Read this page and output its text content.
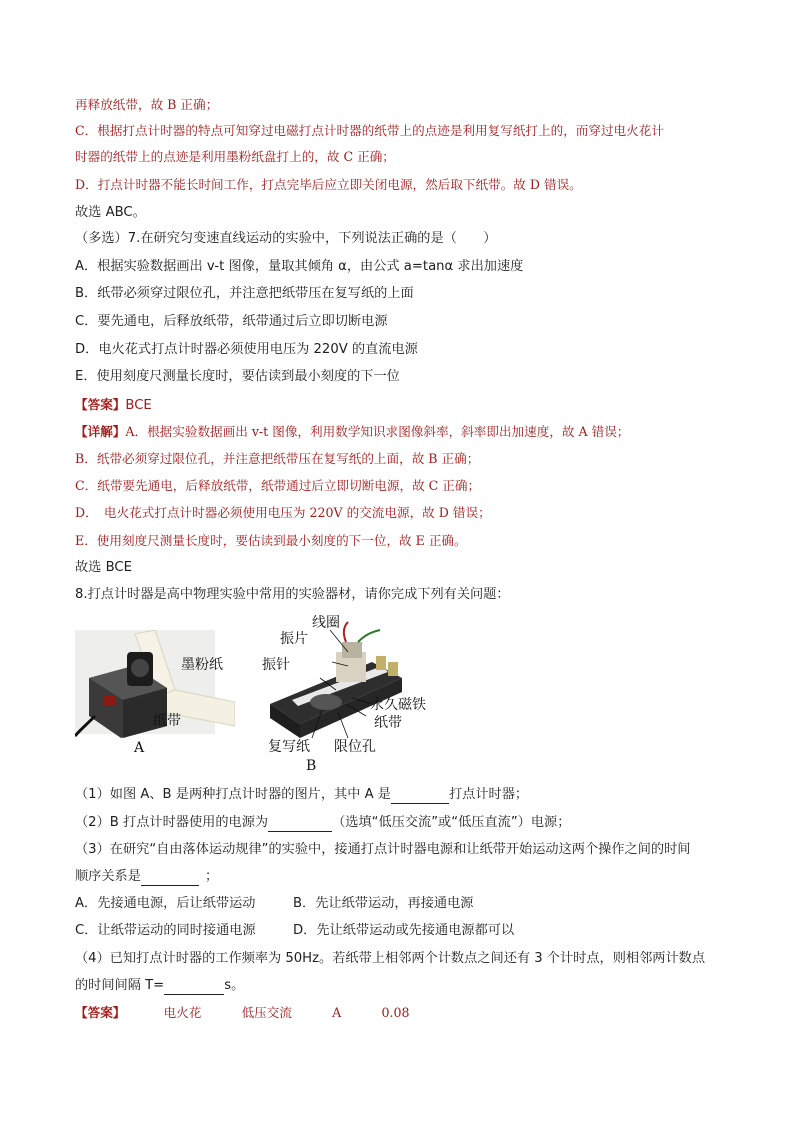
再释放纸带，故 B 正确；
C．根据打点计时器的特点可知穿过电磁打点计时器的纸带上的点迹是利用复写纸打上的，而穿过电火花计
时器的纸带上的点迹是利用墨粉纸盘打上的，故 C 正确；
D．打点计时器不能长时间工作，打点完毕后应立即关闭电源，然后取下纸带。故 D 错误。
故选 ABC。
（多选）7.在研究匀变速直线运动的实验中，下列说法正确的是（　　）
A．根据实验数据画出 v-t 图像，量取其倾角 α，由公式 a=tanα 求出加速度
B．纸带必须穿过限位孔，并注意把纸带压在复写纸的上面
C．要先通电，后释放纸带，纸带通过后立即切断电源
D．电火花式打点计时器必须使用电压为 220V 的直流电源
E．使用刻度尺测量长度时，要估读到最小刻度的下一位
【答案】BCE
【详解】A．根据实验数据画出 v-t 图像，利用数学知识求图像斜率，斜率即出加速度，故 A 错误；
B．纸带必须穿过限位孔，并注意把纸带压在复写纸的上面，故 B 正确；
C．纸带要先通电，后释放纸带，纸带通过后立即切断电源，故 C 正确；
D．　电火花式打点计时器必须使用电压为 220V 的交流电源，故 D 错误；
E．使用刻度尺测量长度时，要估读到最小刻度的下一位，故 E 正确。
故选 BCE
8.打点计时器是高中物理实验中常用的实验器材，请你完成下列有关问题：
墨粉纸
纸带
A
线圈
振片
振针
永久磁铁
纸带
复写纸 限位孔
B
（1）如图 A、B 是两种打点计时器的图片，其中 A 是	打点计时器；
（2）B 打点计时器使用的电源为	（选填“低压交流”或“低压直流”）电源；
（3）在研究“自由落体运动规律”的实验中，接通打点计时器电源和让纸带开始运动这两个操作之间的时间
顺序关系是	；
A．先接通电源，后让纸带运动	B．先让纸带运动，再接通电源
C．让纸带运动的同时接通电源	D．先让纸带运动或先接通电源都可以
（4）已知打点计时器的工作频率为 50Hz。若纸带上相邻两个计数点之间还有 3 个计时点，则相邻两计数点
的时间间隔 T=	s。
【答案】	电火花	低压交流	A	0.08
